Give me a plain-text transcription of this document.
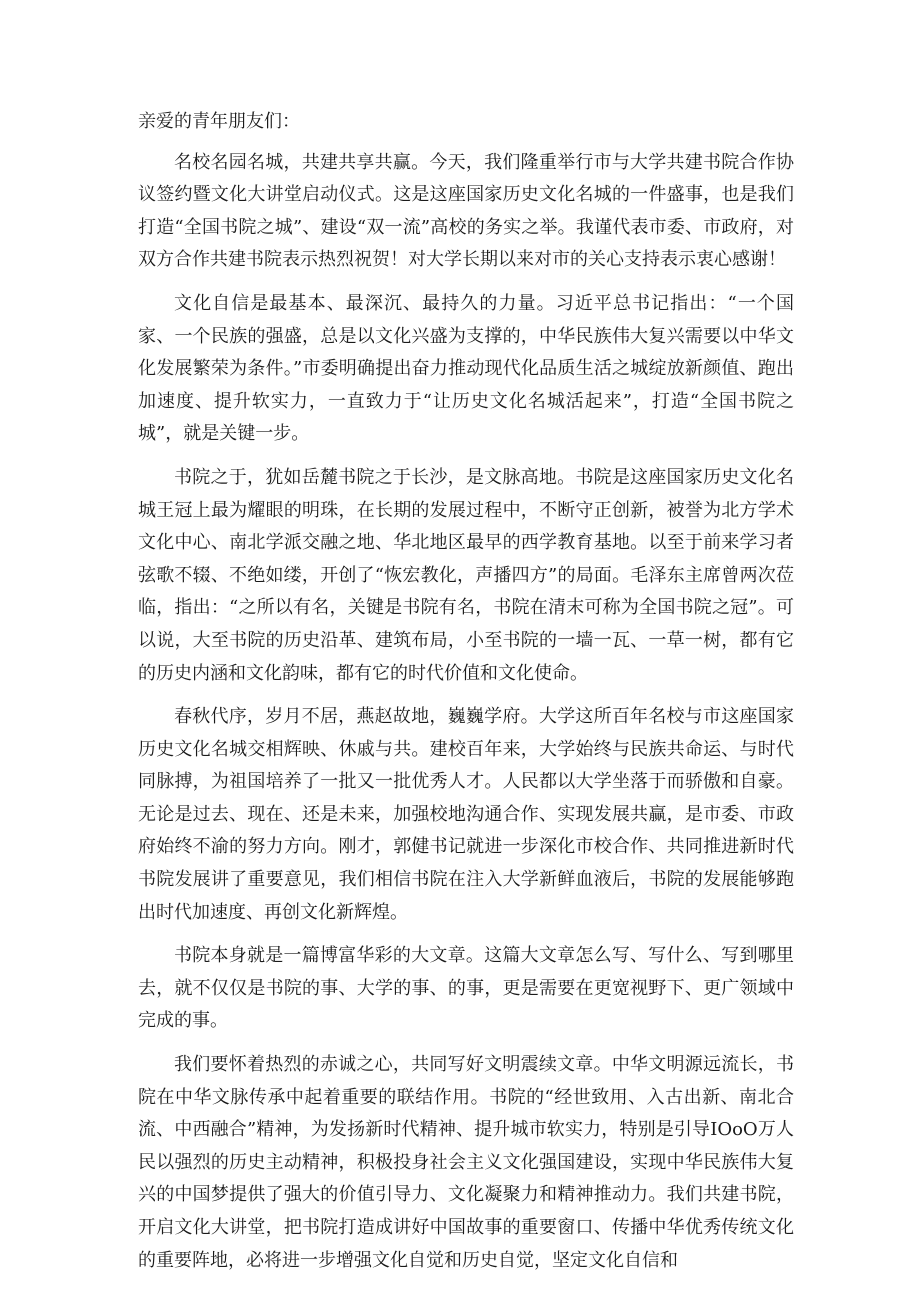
亲爱的青年朋友们：

名校名园名城，共建共享共赢。今天，我们隆重举行市与大学共建书院合作协议签约暨文化大讲堂启动仪式。这是这座国家历史文化名城的一件盛事，也是我们打造“全国书院之城”、建设“双一流”高校的务实之举。我谨代表市委、市政府，对双方合作共建书院表示热烈祝贺！对大学长期以来对市的关心支持表示衷心感谢！

文化自信是最基本、最深沉、最持久的力量。习近平总书记指出：“一个国家、一个民族的强盛，总是以文化兴盛为支撑的，中华民族伟大复兴需要以中华文化发展繁荣为条件。”市委明确提出奋力推动现代化品质生活之城绽放新颜值、跑出加速度、提升软实力，一直致力于“让历史文化名城活起来”，打造“全国书院之城”，就是关键一步。

书院之于，犹如岳麓书院之于长沙，是文脉高地。书院是这座国家历史文化名城王冠上最为耀眼的明珠，在长期的发展过程中，不断守正创新，被誉为北方学术文化中心、南北学派交融之地、华北地区最早的西学教育基地。以至于前来学习者弦歌不辍、不绝如缕，开创了“恢宏教化，声播四方”的局面。毛泽东主席曾两次莅临，指出：“之所以有名，关键是书院有名，书院在清末可称为全国书院之冠”。可以说，大至书院的历史沿革、建筑布局，小至书院的一墙一瓦、一草一树，都有它的历史内涵和文化韵味，都有它的时代价值和文化使命。

春秋代序，岁月不居，燕赵故地，巍巍学府。大学这所百年名校与市这座国家历史文化名城交相辉映、休戚与共。建校百年来，大学始终与民族共命运、与时代同脉搏，为祖国培养了一批又一批优秀人才。人民都以大学坐落于而骄傲和自豪。无论是过去、现在、还是未来，加强校地沟通合作、实现发展共赢，是市委、市政府始终不渝的努力方向。刚才，郭健书记就进一步深化市校合作、共同推进新时代书院发展讲了重要意见，我们相信书院在注入大学新鲜血液后，书院的发展能够跑出时代加速度、再创文化新辉煌。

书院本身就是一篇博富华彩的大文章。这篇大文章怎么写、写什么、写到哪里去，就不仅仅是书院的事、大学的事、的事，更是需要在更宽视野下、更广领域中完成的事。

我们要怀着热烈的赤诚之心，共同写好文明震续文章。中华文明源远流长，书院在中华文脉传承中起着重要的联结作用。书院的“经世致用、入古出新、南北合流、中西融合”精神，为发扬新时代精神、提升城市软实力，特别是引导IOoO万人民以强烈的历史主动精神，积极投身社会主义文化强国建设，实现中华民族伟大复兴的中国梦提供了强大的价值引导力、文化凝聚力和精神推动力。我们共建书院，开启文化大讲堂，把书院打造成讲好中国故事的重要窗口、传播中华优秀传统文化的重要阵地，必将进一步增强文化自觉和历史自觉，坚定文化自信和
